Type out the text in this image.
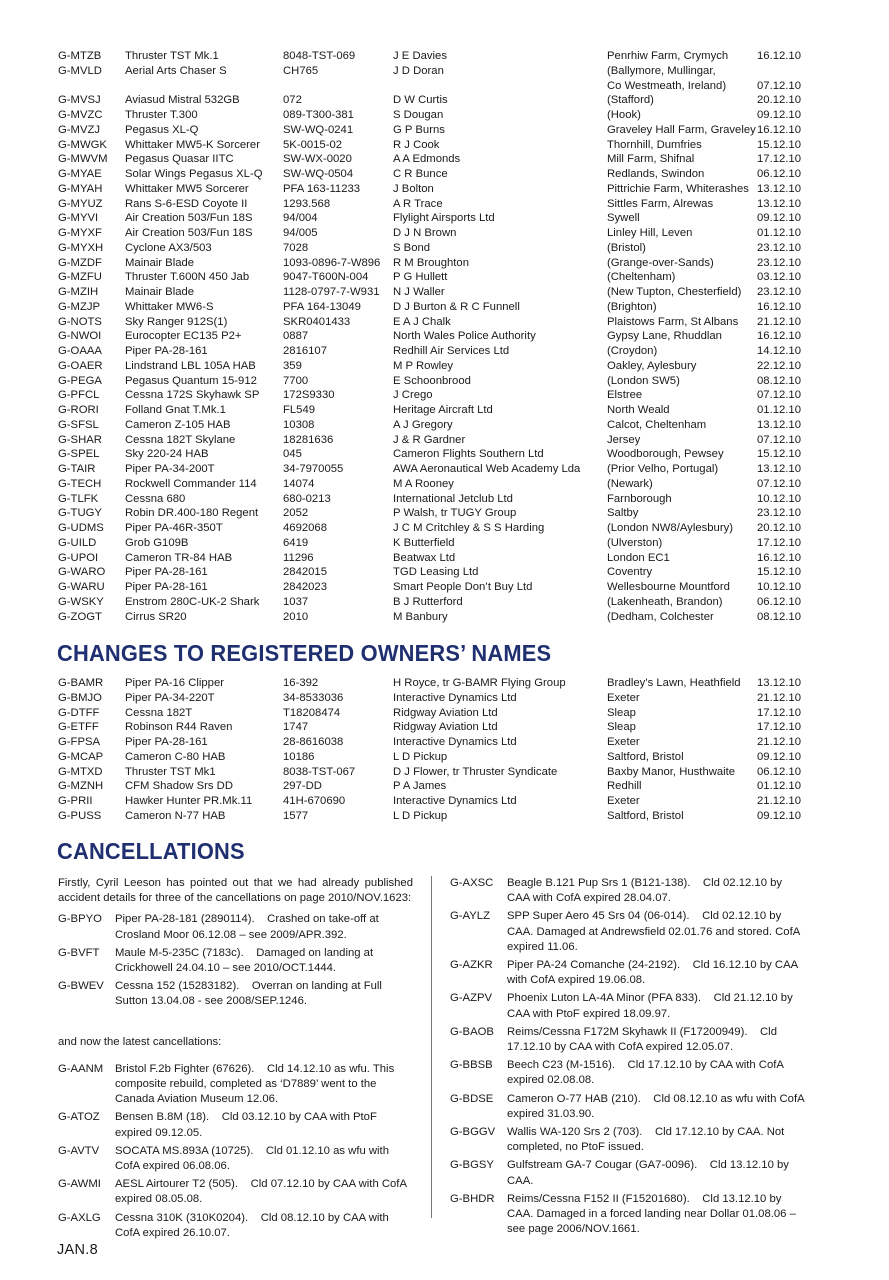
G-MTZB	Thruster TST Mk.1	8048-TST-069	J E Davies	Penrhiw Farm, Crymych	16.12.10
G-MVLD	Aerial Arts Chaser S	CH765	J D Doran	(Ballymore, Mullingar,
Co Westmeath, Ireland)	07.12.10
G-MVSJ	Aviasud Mistral 532GB	072	D W Curtis	(Stafford)	20.12.10
G-MVZC	Thruster T.300	089-T300-381	S Dougan	(Hook)	09.12.10
G-MVZJ	Pegasus XL-Q	SW-WQ-0241	G P Burns	Graveley Hall Farm, Graveley 16.12.10
G-MWGK	Whittaker MW5-K Sorcerer	5K-0015-02	R J Cook	Thornhill, Dumfries	15.12.10
G-MWVM	Pegasus Quasar IITC	SW-WX-0020	A A Edmonds	Mill Farm, Shifnal	17.12.10
G-MYAE	Solar Wings Pegasus XL-Q	SW-WQ-0504	C R Bunce	Redlands, Swindon	06.12.10
G-MYAH	Whittaker MW5 Sorcerer	PFA 163-11233	J Bolton	Pittrichie Farm, Whiterashes 13.12.10
G-MYUZ	Rans S-6-ESD Coyote II	1293.568	A R Trace	Sittles Farm, Alrewas	13.12.10
G-MYVI	Air Creation 503/Fun 18S	94/004	Flylight Airsports Ltd	Sywell	09.12.10
G-MYXF	Air Creation 503/Fun 18S	94/005	D J N Brown	Linley Hill, Leven	01.12.10
G-MYXH	Cyclone AX3/503	7028	S Bond	(Bristol)	23.12.10
G-MZDF	Mainair Blade	1093-0896-7-W896	R M Broughton	(Grange-over-Sands)	23.12.10
G-MZFU	Thruster T.600N 450 Jab	9047-T600N-004	P G Hullett	(Cheltenham)	03.12.10
G-MZIH	Mainair Blade	1128-0797-7-W931	N J Waller	(New Tupton, Chesterfield)	23.12.10
G-MZJP	Whittaker MW6-S	PFA 164-13049	D J Burton & R C Funnell	(Brighton)	16.12.10
G-NOTS	Sky Ranger 912S(1)	SKR0401433	E A J Chalk	Plaistows Farm, St Albans	21.12.10
G-NWOI	Eurocopter EC135 P2+	0887	North Wales Police Authority	Gypsy Lane, Rhuddlan	16.12.10
G-OAAA	Piper PA-28-161	2816107	Redhill Air Services Ltd	(Croydon)	14.12.10
G-OAER	Lindstrand LBL 105A HAB	359	M P Rowley	Oakley, Aylesbury	22.12.10
G-PEGA	Pegasus Quantum 15-912	7700	E Schoonbrood	(London SW5)	08.12.10
G-PFCL	Cessna 172S Skyhawk SP	172S9330	J Crego	Elstree	07.12.10
G-RORI	Folland Gnat T.Mk.1	FL549	Heritage Aircraft Ltd	North Weald	01.12.10
G-SFSL	Cameron Z-105 HAB	10308	A J Gregory	Calcot, Cheltenham	13.12.10
G-SHAR	Cessna 182T Skylane	18281636	J & R Gardner	Jersey	07.12.10
G-SPEL	Sky 220-24 HAB	045	Cameron Flights Southern Ltd	Woodborough, Pewsey	15.12.10
G-TAIR	Piper PA-34-200T	34-7970055	AWA Aeronautical Web Academy Lda	(Prior Velho, Portugal)	13.12.10
G-TECH	Rockwell Commander 114	14074	M A Rooney	(Newark)	07.12.10
G-TLFK	Cessna 680	680-0213	International Jetclub Ltd	Farnborough	10.12.10
G-TUGY	Robin DR.400-180 Regent	2052	P Walsh, tr TUGY Group	Saltby	23.12.10
G-UDMS	Piper PA-46R-350T	4692068	J C M Critchley & S S Harding	(London NW8/Aylesbury)	20.12.10
G-UILD	Grob G109B	6419	K Butterfield	(Ulverston)	17.12.10
G-UPOI	Cameron TR-84 HAB	11296	Beatwax Ltd	London EC1	16.12.10
G-WARO	Piper PA-28-161	2842015	TGD Leasing Ltd	Coventry	15.12.10
G-WARU	Piper PA-28-161	2842023	Smart People Don’t Buy Ltd	Wellesbourne Mountford	10.12.10
G-WSKY	Enstrom 280C-UK-2 Shark	1037	B J Rutterford	(Lakenheath, Brandon)	06.12.10
G-ZOGT	Cirrus SR20	2010	M Banbury	(Dedham, Colchester	08.12.10
CHANGES TO REGISTERED OWNERS’ NAMES
G-BAMR	Piper PA-16 Clipper	16-392	H Royce, tr G-BAMR Flying Group	Bradley’s Lawn, Heathfield	13.12.10
G-BMJO	Piper PA-34-220T	34-8533036	Interactive Dynamics Ltd	Exeter	21.12.10
G-DTFF	Cessna 182T	T18208474	Ridgway Aviation Ltd	Sleap	17.12.10
G-ETFF	Robinson R44 Raven	1747	Ridgway Aviation Ltd	Sleap	17.12.10
G-FPSA	Piper PA-28-161	28-8616038	Interactive Dynamics Ltd	Exeter	21.12.10
G-MCAP	Cameron C-80 HAB	10186	L D Pickup	Saltford, Bristol	09.12.10
G-MTXD	Thruster TST Mk1	8038-TST-067	D J Flower, tr Thruster Syndicate	Baxby Manor, Husthwaite	06.12.10
G-MZNH	CFM Shadow Srs DD	297-DD	P A James	Redhill	01.12.10
G-PRII	Hawker Hunter PR.Mk.11	41H-670690	Interactive Dynamics Ltd	Exeter	21.12.10
G-PUSS	Cameron N-77 HAB	1577	L D Pickup	Saltford, Bristol	09.12.10
CANCELLATIONS

Firstly, Cyril Leeson has pointed out that we had already published accident details for three of the cancellations on page 2010/NOV.1623:

G-BPYO Piper PA-28-181 (2890114).    Crashed on take-off at Crosland Moor 06.12.08 – see 2009/APR.392.
G-BVFT Maule M-5-235C (7183c).    Damaged on landing at Crickhowell 24.04.10 – see 2010/OCT.1444.
G-BWEV Cessna 152 (15283182).    Overran on landing at Full Sutton 13.04.08 - see 2008/SEP.1246.

and now the latest cancellations:

G-AANM Bristol F.2b Fighter (67626).    Cld 14.12.10 as wfu. This composite rebuild, completed as ‘D7889’ went to the Canada Aviation Museum 12.06.
G-ATOZ Bensen B.8M (18).    Cld 03.12.10 by CAA with PtoF expired 09.12.05.
G-AVTV SOCATA MS.893A (10725).    Cld 01.12.10 as wfu with CofA expired 06.08.06.
G-AWMI AESL Airtourer T2 (505).    Cld 07.12.10 by CAA with CofA expired 08.05.08.
G-AXLG Cessna 310K (310K0204).    Cld 08.12.10 by CAA with CofA expired 26.10.07.
G-AXSC Beagle B.121 Pup Srs 1 (B121-138).    Cld 02.12.10 by CAA with CofA expired 28.04.07.
G-AYLZ SPP Super Aero 45 Srs 04 (06-014).    Cld 02.12.10 by CAA. Damaged at Andrewsfield 02.01.76 and stored. CofA expired 11.06.
G-AZKR Piper PA-24 Comanche (24-2192).    Cld 16.12.10 by CAA with CofA expired 19.06.08.
G-AZPV Phoenix Luton LA-4A Minor (PFA 833).    Cld 21.12.10 by CAA with PtoF expired 18.09.97.
G-BAOB Reims/Cessna F172M Skyhawk II (F17200949).    Cld 17.12.10 by CAA with CofA expired 12.05.07.
G-BBSB Beech C23 (M-1516).    Cld 17.12.10 by CAA with CofA expired 02.08.08.
G-BDSE Cameron O-77 HAB (210).    Cld 08.12.10 as wfu with CofA expired 31.03.90.
G-BGGV Wallis WA-120 Srs 2 (703).    Cld 17.12.10 by CAA. Not completed, no PtoF issued.
G-BGSY Gulfstream GA-7 Cougar (GA7-0096).    Cld 13.12.10 by CAA.
G-BHDR Reims/Cessna F152 II (F15201680).    Cld 13.12.10 by CAA. Damaged in a forced landing near Dollar 01.08.06 – see page 2006/NOV.1661.
JAN.8
